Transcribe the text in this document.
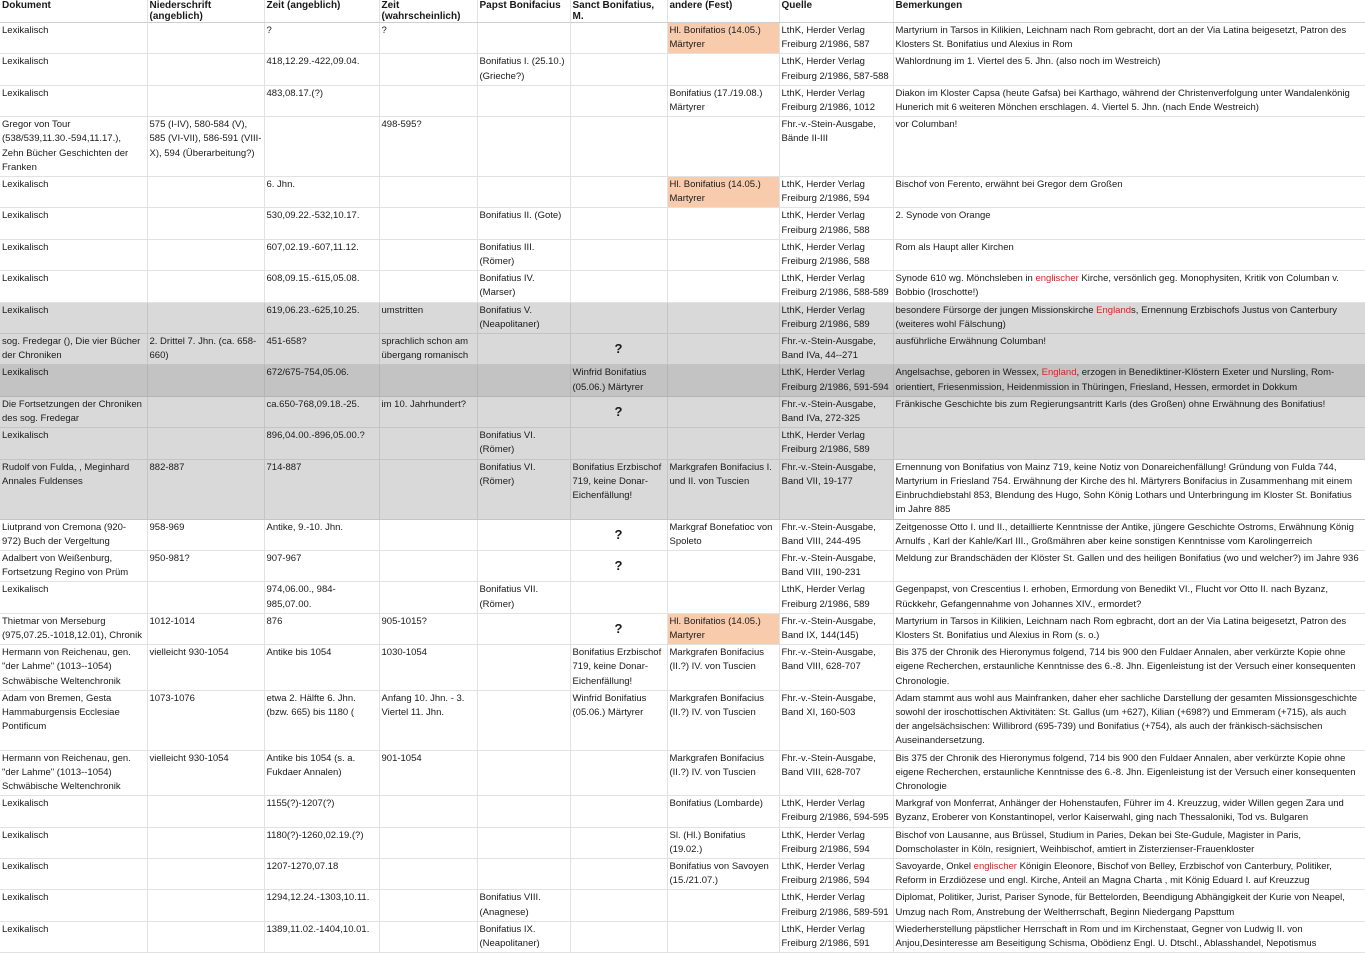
Dokument	Niederschrift (angeblich)	Zeit (angeblich)	Zeit (wahrscheinlich)	Papst Bonifacius	Sanct Bonifatius, M.	andere (Fest)	Quelle	Bemerkungen
Lexikalisch		?	?			Hl. Bonifatios (14.05.) Märtyrer	LthK, Herder Verlag Freiburg 2/1986, 587	Martyrium in Tarsos in Kilikien, Leichnam nach Rom gebracht, dort an der Via Latina beigesetzt, Patron des Klosters St. Bonifatius und Alexius in Rom
Lexikalisch		418,12.29.-422,09.04.		Bonifatius I. (25.10.) (Grieche?)			LthK, Herder Verlag Freiburg 2/1986, 587-588	Wahlordnung im 1. Viertel des 5. Jhn. (also noch im Westreich)
Lexikalisch		483,08.17.(?)				Bonifatius (17./19.08.) Märtyrer	LthK, Herder Verlag Freiburg 2/1986, 1012	Diakon im Kloster Capsa (heute Gafsa) bei Karthago, während der Christenverfolgung unter Wandalenkönig Hunerich mit 6 weiteren Mönchen erschlagen. 4. Viertel 5. Jhn. (nach Ende Westreich)
Gregor von Tour (538/539,11.30.-594,11.17.), Zehn Bücher Geschichten der Franken	575 (I-IV), 580-584 (V), 585 (VI-VII), 586-591 (VIII-X), 594 (Überarbeitung?)		498-595?				Fhr.-v.-Stein-Ausgabe, Bände II-III	vor Columban!
Lexikalisch		6. Jhn.				Hl. Bonifatius (14.05.) Martyrer	LthK, Herder Verlag Freiburg 2/1986, 594	Bischof von Ferento, erwähnt bei Gregor dem Großen
Lexikalisch		530,09.22.-532,10.17.		Bonifatius II. (Gote)			LthK, Herder Verlag Freiburg 2/1986, 588	2. Synode von Orange
Lexikalisch		607,02.19.-607,11.12.		Bonifatius III. (Römer)			LthK, Herder Verlag Freiburg 2/1986, 588	Rom als Haupt aller Kirchen
Lexikalisch		608,09.15.-615,05.08.		Bonifatius IV. (Marser)			LthK, Herder Verlag Freiburg 2/1986, 588-589	Synode 610 wg. Mönchsleben in englischer Kirche, versönlich geg. Monophysiten, Kritik von Columban v. Bobbio (Iroschotte!)
Lexikalisch		619,06.23.-625,10.25.	umstritten	Bonifatius V. (Neapolitaner)			LthK, Herder Verlag Freiburg 2/1986, 589	besondere Fürsorge der jungen Missionskirche Englands, Ernennung Erzbischofs Justus von Canterbury (weiteres wohl Fälschung)
sog. Fredegar (), Die vier Bücher der Chroniken	2. Drittel 7. Jhn. (ca. 658-660)	451-658?	sprachlich schon am übergang romanisch		?		Fhr.-v.-Stein-Ausgabe, Band IVa, 44--271	ausführliche Erwähnung Columban!
Lexikalisch		672/675-754,05.06.			Winfrid Bonifatius (05.06.) Märtyrer		LthK, Herder Verlag Freiburg 2/1986, 591-594	Angelsachse, geboren in Wessex, England, erzogen in Benediktiner-Klöstern Exeter und Nursling, Rom-orientiert, Friesenmission, Heidenmission in Thüringen, Friesland, Hessen, ermordet in Dokkum
Die Fortsetzungen der Chroniken des sog. Fredegar		ca.650-768,09.18.-25.	im 10. Jahrhundert?		?		Fhr.-v.-Stein-Ausgabe, Band IVa, 272-325	Fränkische Geschichte bis zum Regierungsantritt Karls (des Großen) ohne Erwähnung des Bonifatius!
Lexikalisch		896,04.00.-896,05.00.?		Bonifatius VI. (Römer)			LthK, Herder Verlag Freiburg 2/1986, 589	
Rudolf von Fulda, , Meginhard Annales Fuldenses	882-887	714-887		Bonifatius VI. (Römer)	Bonifatius Erzbischof 719, keine Donar-Eichenfällung!	Markgrafen Bonifacius I. und II. von Tuscien	Fhr.-v.-Stein-Ausgabe, Band VII, 19-177	Ernennung von Bonifatius von Mainz 719, keine Notiz von Donareichenfällung! Gründung von Fulda 744, Martyrium in Friesland 754. Erwähnung der Kirche des hl. Märtyrers Bonifacius in Zusammenhang mit einem Einbruchdiebstahl 853, Blendung des Hugo, Sohn König Lothars und Unterbringung im Kloster St. Bonifatius im Jahre 885
Liutprand von Cremona (920-972) Buch der Vergeltung	958-969	Antike, 9.-10. Jhn.			?	Markgraf Bonefatioc von Spoleto	Fhr.-v.-Stein-Ausgabe, Band VIII, 244-495	Zeitgenosse Otto I. und II., detaillierte Kenntnisse der Antike, jüngere Geschichte Ostroms, Erwähnung König Arnulfs , Karl der Kahle/Karl III., Großmähren aber keine sonstigen Kenntnisse vom Karolingerreich
Adalbert von Weißenburg, Fortsetzung Regino von Prüm	950-981?	907-967			?		Fhr.-v.-Stein-Ausgabe, Band VIII, 190-231	Meldung zur Brandschäden der Klöster St. Gallen und des heiligen Bonifatius (wo und welcher?) im Jahre 936
Lexikalisch		974,06.00., 984-985,07.00.		Bonifatius VII. (Römer)			LthK, Herder Verlag Freiburg 2/1986, 589	Gegenpapst, von Crescentius I. erhoben, Ermordung von Benedikt VI., Flucht vor Otto II. nach Byzanz, Rückkehr, Gefangennahme von Johannes XIV., ermordet?
Thietmar von Merseburg (975,07.25.-1018,12.01), Chronik	1012-1014	876	905-1015?		?	Hl. Bonifatios (14.05.) Martyrer	Fhr.-v.-Stein-Ausgabe, Band IX, 144(145)	Martyrium in Tarsos in Kilikien, Leichnam nach Rom egbracht, dort an der Via Latina beigesetzt, Patron des Klosters St. Bonifatius und Alexius in Rom (s. o.)
Hermann von Reichenau, gen. "der Lahme" (1013--1054) Schwäbische Weltenchronik	vielleicht 930-1054	Antike bis 1054	1030-1054		Bonifatius Erzbischof 719, keine Donar-Eichenfällung!	Markgrafen Bonifacius (II.?) IV. von Tuscien	Fhr.-v.-Stein-Ausgabe, Band VIII, 628-707	Bis 375 der Chronik des Hieronymus folgend, 714 bis 900 den Fuldaer Annalen, aber verkürzte Kopie ohne eigene Recherchen, erstaunliche Kenntnisse des 6.-8. Jhn. Eigenleistung ist der Versuch einer konsequenten Chronologie.
Adam von Bremen, Gesta Hammaburgensis Ecclesiae Pontificum	1073-1076	etwa 2. Hälfte 6. Jhn. (bzw. 665) bis 1180 (	Anfang 10. Jhn. - 3. Viertel 11. Jhn.		Winfrid Bonifatius (05.06.) Märtyrer	Markgrafen Bonifacius (II.?) IV. von Tuscien	Fhr.-v.-Stein-Ausgabe, Band XI, 160-503	Adam stammt aus wohl aus Mainfranken, daher eher sachliche Darstellung der gesamten Missionsgeschichte sowohl der iroschottischen Aktivitäten: St. Gallus (um +627), Kilian (+698?) und Emmeram (+715), als auch der angelsächsischen: Willibrord (695-739) und Bonifatius (+754), als auch der fränkisch-sächsischen Auseinandersetzung.
Hermann von Reichenau, gen. "der Lahme" (1013--1054) Schwäbische Weltenchronik	vielleicht 930-1054	Antike bis 1054 (s. a. Fukdaer Annalen)	901-1054			Markgrafen Bonifacius (II.?) IV. von Tuscien	Fhr.-v.-Stein-Ausgabe, Band VIII, 628-707	Bis 375 der Chronik des Hieronymus folgend, 714 bis 900 den Fuldaer Annalen, aber verkürzte Kopie ohne eigene Recherchen, erstaunliche Kenntnisse des 6.-8. Jhn. Eigenleistung ist der Versuch einer konsequenten Chronologie
Lexikalisch		1155(?)-1207(?)				Bonifatius (Lombarde)	LthK, Herder Verlag Freiburg 2/1986, 594-595	Markgraf von Monferrat, Anhänger der Hohenstaufen, Führer im 4. Kreuzzug, wider Willen gegen Zara und Byzanz, Eroberer von Konstantinopel, verlor Kaiserwahl, ging nach Thessaloniki, Tod vs. Bulgaren
Lexikalisch		1180(?)-1260,02.19.(?)				Sl. (Hl.) Bonifatius (19.02.)	LthK, Herder Verlag Freiburg 2/1986, 594	Bischof von Lausanne, aus Brüssel, Studium in Paries, Dekan bei Ste-Gudule, Magister in Paris, Domscholaster in Köln, resigniert, Weihbischof, amtiert in Zisterzienser-Frauenkloster
Lexikalisch		1207-1270,07.18				Bonifatius von Savoyen (15./21.07.)	LthK, Herder Verlag Freiburg 2/1986, 594	Savoyarde, Onkel englischer Königin Eleonore, Bischof von Belley, Erzbischof von Canterbury, Politiker, Reform in Erzdiözese und engl. Kirche, Anteil an Magna Charta , mit König Eduard I. auf Kreuzzug
Lexikalisch		1294,12.24.-1303,10.11.		Bonifatius VIII. (Anagnese)			LthK, Herder Verlag Freiburg 2/1986, 589-591	Diplomat, Politiker, Jurist, Pariser Synode, für Bettelorden, Beendigung Abhängigkeit der Kurie von Neapel, Umzug nach Rom, Anstrebung der Weltherrschaft, Beginn Niedergang Papsttum
Lexikalisch		1389,11.02.-1404,10.01.		Bonifatius IX. (Neapolitaner)			LthK, Herder Verlag Freiburg 2/1986, 591	Wiederherstellung päpstlicher Herrschaft in Rom und im Kirchenstaat, Gegner von Ludwig II. von Anjou,Desinteresse am Beseitigung Schisma, Obödienz Engl. U. Dtschl., Ablasshandel, Nepotismus
